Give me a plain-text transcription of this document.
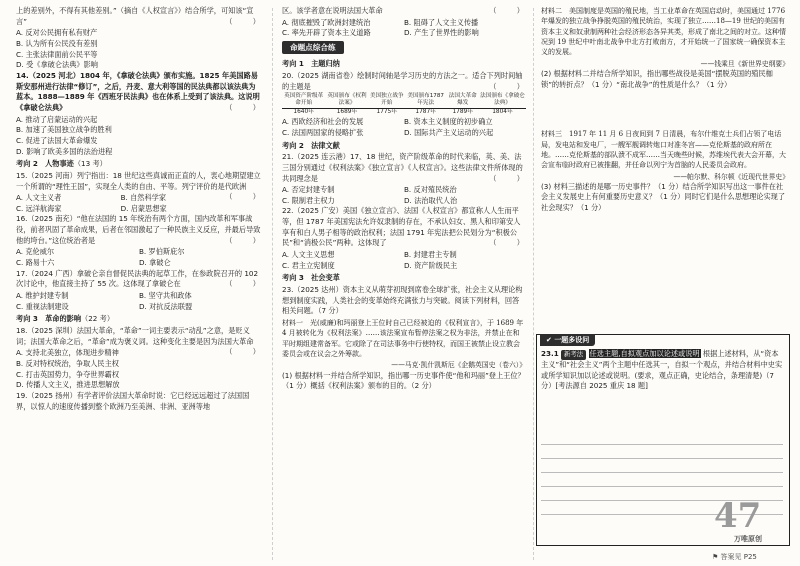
上的差别外，不得有其他差别。”（摘自《人权宣言》）结合所学，可知该“宣言”	（　　）
A. 反对公民拥有私有财产
B. 认为所有公民没有差别
C. 主张法律面前公民平等
D. 受《拿破仑法典》影响
14.（2025 河北）1804 年，《拿破仑法典》颁布实施。1825 年美国路易斯安那州进行法律“修订”，之后，丹麦、意大利等国的民法典都以该法典为蓝本。1888—1889 年《西班牙民法典》也在体系上受到了该法典。这说明《拿破仑法典》	（　　）
A. 推动了启蒙运动的兴起
B. 加速了美国独立战争的胜利
C. 促进了法国大革命爆发
D. 影响了欧美多国的法治进程
考向 2　人物事迹（13 考）
15.（2025 河南）列宁指出：18 世纪这些真诚而正直的人，衷心地期望建立一个所谓的“理性王国”，实现全人类的自由、平等。列宁评价的是代欧洲
（　　）
A. 人文主义者	B. 自然科学家
C. 远洋航海家	D. 启蒙思想家
16.（2025 南充）“他在法国的 15 年统治有两个方面，国内改革和军事战役，前者巩固了革命成果，后者在邻国激起了一种民族主义反应，并最后导致他的垮台。”这位统治者是	（　　）
A. 克伦威尔	B. 罗伯斯庇尔
C. 路易十六	D. 拿破仑
17.（2024 广西）拿破仑亲自督促民法典的起草工作，在参政院召开的 102 次讨论中，他直接主持了 55 次。这体现了拿破仑在	（　　）
A. 维护封建专制	B. 坚守共和政体
C. 重视法制建设	D. 对抗反法联盟
考向 3　革命的影响（22 考）
18.（2025 深圳）法国大革命，“革命”一词主要表示“动乱”之意，是贬义词；法国大革命之后，“革命”成为褒义词。这种变化主要是因为法国大革命
（　　）
A. 支持北美独立，体现进步精神
B. 反对特权统治，争取人民主权
C. 打击英国势力，争夺世界霸权
D. 传播人文主义，推进思想解放
19.（2025 扬州）有学者评价法国大革命时说：它已经远远超过了法国国界，以惊人的速度传播到整个欧洲乃至美洲、非洲、亚洲等地
区。该学者意在说明法国大革命	（　　）
A. 彻底摧毁了欧洲封建统治	B. 阻碍了人文主义传播
C. 率先开辟了资本主义道路	D. 产生了世界性的影响
命题点综合练
考向 1　主题归纳
20.（2025 湖南省卷）绘制时间轴是学习历史的方法之一。适合下列时间轴的主题是	（　　）
英国资产阶级革命开始	英国颁布《权利法案》	美国独立战争开始	美国颁布1787年宪法	法国大革命爆发	法国颁布《拿破仑法典》
1640年	1689年	1775年	1787年	1789年	1804年
A. 西欧经济和社会的发展	B. 资本主义制度的初步确立
C. 法国两国家的侵略扩张	D. 国际共产主义运动的兴起
考向 2　法律文献
21.（2025 连云港）17、18 世纪，资产阶级革命的时代来临，英、美、法三国分别通过《权利法案》《独立宣言》《人权宣言》。这些法律文件所体现的共同理念是	（　　）
A. 否定封建专制	B. 反对殖民统治
C. 限制君主权力	D. 法治取代人治
22.（2025 广安）美国《独立宣言》、法国《人权宣言》都宣称人人生而平等，但 1787 年美国宪法允许奴隶制的存在，不承认妇女、黑人和印第安人享有和白人男子相等的政治权利；法国 1791 年宪法把公民划分为“积极公民”和“消极公民”两种。这体现了	（　　）
A. 人文主义思想	B. 封建君主专制
C. 君主立宪制度	D. 资产阶级民主
考向 3　社会变革
23.（2025 达州）资本主义从萌芽初现到席卷全球扩张，社会主义从理论构想到制度实践，人类社会的变革始终充满张力与突破。阅读下列材料，回答相关问题。（7 分）
材料一　光(威廉)和玛丽登上王位时自己已经被迫的《权利宣言》，于 1689 年 4 月被转化为《权利法案》……该法案宣布暂停法案之权为非法，并禁止在和平时期组建常备军。它或除了在司法事务中行使特权，而国王被禁止设立教会委员会或在议会之外筹款。
——马克·凯什凯斯厄《企鹅英国史（卷六）》
(1) 根据材料一并结合所学知识，指出哪一历史事件使“他和玛丽”登上王位？（1 分）概括《权利法案》颁布的目的。（2 分）
材料二　美国制度是英国的殖民地，当工业革命在英国启动时，美国通过 1776 年爆发的独立战争挣脱英国的殖民统治，实现了独立……18—19 世纪的美国有资本主义和奴隶制两种社会经济形态各异其类，形成了南北之间的对立。这种情况到 19 世纪中叶南北战争中北方打败南方，才开始统一了国家统一确保资本主义的发展。
——钱乘旦《新世界史纲要》
(2) 根据材料二并结合所学知识，指出哪些战役是美国“摆脱英国的殖民枷锁”的转折点？（1 分）“南北战争”的性质是什么？（1 分）
材料三　1917 年 11 月 6 日夜间到 7 日清晨，布尔什维克士兵们占领了电话局，发电站和发电厂，一艘军舰调转炮口对准冬宫——克伦斯基的政府所在地。……克伦斯基的部队溃不成军……当天晚些时候，苏维埃代表大会开幕，大会宣布临时政府已被推翻，并任命以列宁为首脑的人民委员会政府。
——帕尔默、科尔顿《近现代世界史》
(3) 材料三描述的是哪一历史事件？（1 分）结合所学知识写出这一事件在社会主义发展史上有何重要历史意义？（1 分）同时它们是什么思想理论实现了社会现实？（1 分）
✔ 一题多设问
23.1 新考法 任选主题,自拟观点加以论述或说明 根据上述材料，从“资本主义”和“社会主义”两个主题中任选其一，自拟一个观点，并结合材料中史实或所学知识加以论述或说明。(要求，观点正确，史论结合，条理清楚)（7 分）[考法源自 2025 重庆 18 题]
47
万唯原创
⚑ 答案见 P25
